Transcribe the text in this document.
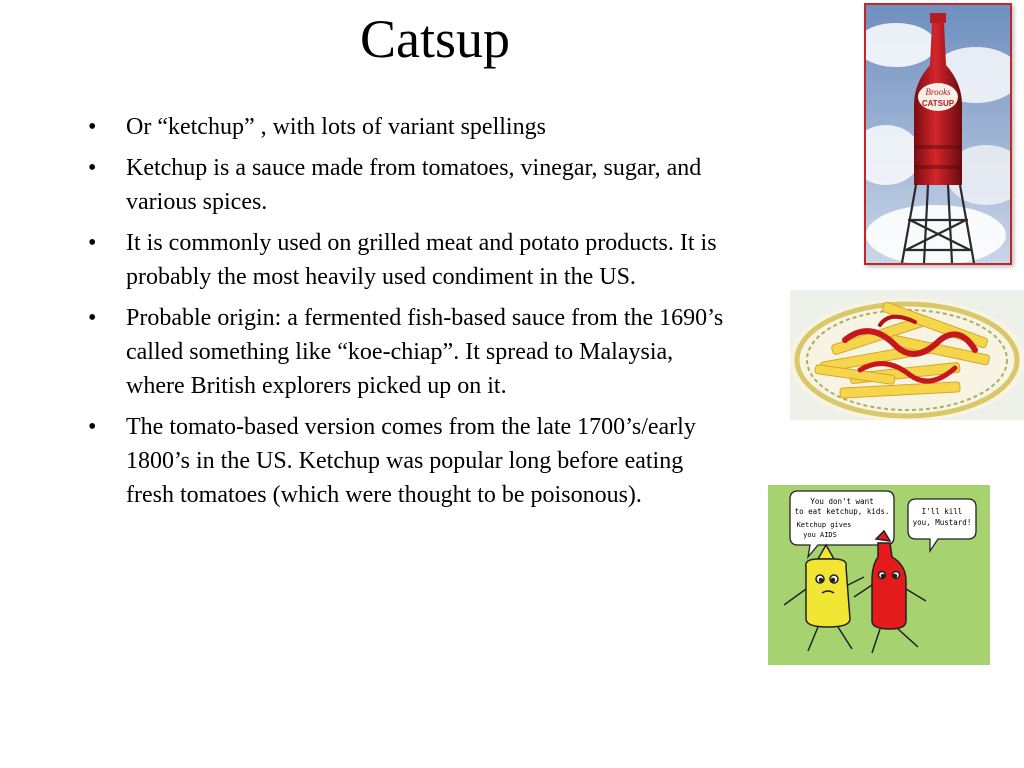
Catsup
• Or “ketchup” , with lots of variant spellings
• Ketchup is a sauce made from tomatoes, vinegar, sugar, and various spices.
• It is commonly used on grilled meat and potato products. It is probably the most heavily used condiment in the US.
• Probable origin: a fermented fish-based sauce from the 1690’s called something like “koe-chiap”. It spread to Malaysia, where British explorers picked up on it.
• The tomato-based version comes from the late 1700’s/early 1800’s in the US. Ketchup was popular long before eating fresh tomatoes (which were thought to be poisonous).
Brooks
CATSUP
You don't want
to eat ketchup, kids.
Ketchup gives
you AIDS
I'll kill
you, Mustard!
